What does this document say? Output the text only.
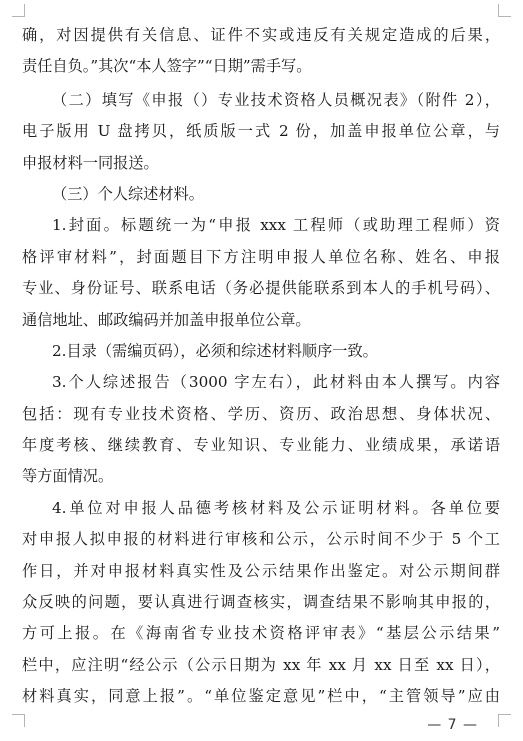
确，对因提供有关信息、证件不实或违反有关规定造成的后果，
责任自负。”其次“本人签字”“日期”需手写。
（二）填写《申报（）专业技术资格人员概况表》（附件 2），
电子版用 U 盘拷贝，纸质版一式 2 份，加盖申报单位公章，与
申报材料一同报送。
（三）个人综述材料。
1.封面。标题统一为“申报 xxx 工程师（或助理工程师）资
格评审材料”，封面题目下方注明申报人单位名称、姓名、申报
专业、身份证号、联系电话（务必提供能联系到本人的手机号码）、
通信地址、邮政编码并加盖申报单位公章。
2.目录（需编页码），必须和综述材料顺序一致。
3.个人综述报告（3000 字左右），此材料由本人撰写。内容
包括：现有专业技术资格、学历、资历、政治思想、身体状况、
年度考核、继续教育、专业知识、专业能力、业绩成果，承诺语
等方面情况。
4.单位对申报人品德考核材料及公示证明材料。各单位要
对申报人拟申报的材料进行审核和公示，公示时间不少于 5 个工
作日，并对申报材料真实性及公示结果作出鉴定。对公示期间群
众反映的问题，要认真进行调查核实，调查结果不影响其申报的，
方可上报。在《海南省专业技术资格评审表》“基层公示结果”
栏中，应注明“经公示（公示日期为 xx 年 xx 月 xx 日至 xx 日），
材料真实，同意上报”。“单位鉴定意见”栏中，“主管领导”应由
— 7 —
